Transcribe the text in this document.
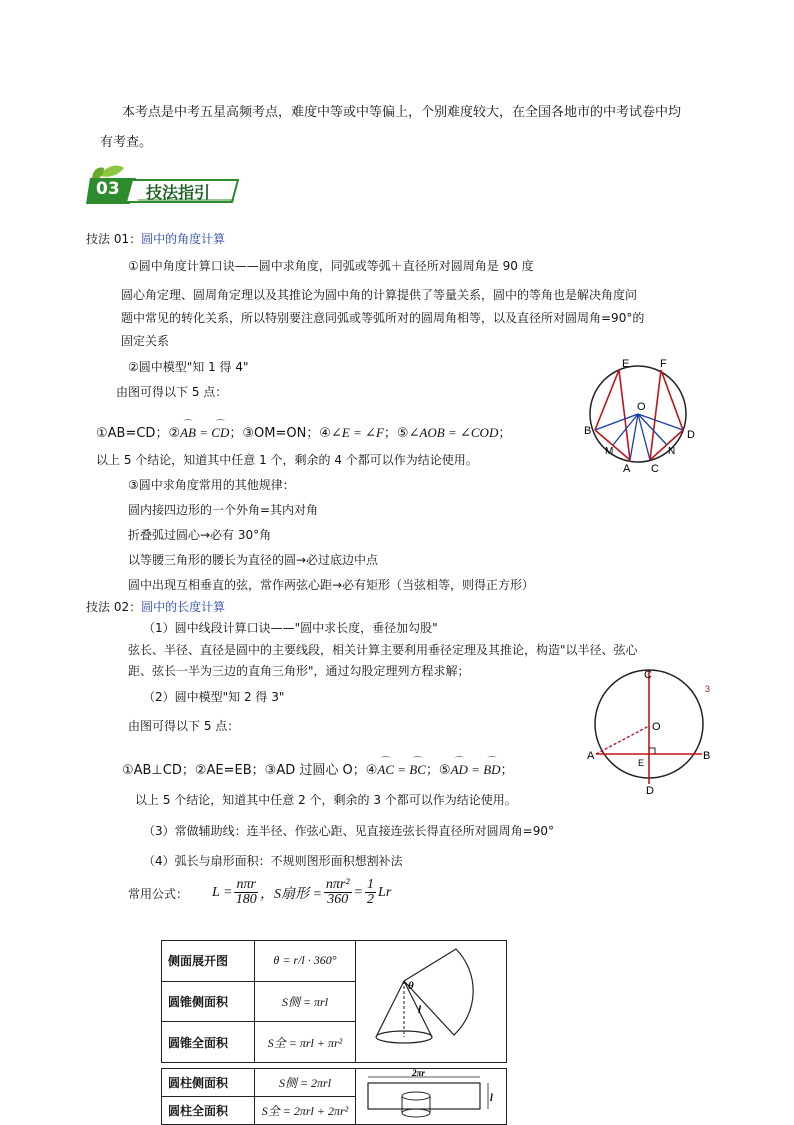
本考点是中考五星高频考点，难度中等或中等偏上，个别难度较大，在全国各地市的中考试卷中均
有考查。
03 技法指引
技法 01：圆中的角度计算
①圆中角度计算口诀——圆中求角度，同弧或等弧＋直径所对圆周角是 90 度
圆心角定理、圆周角定理以及其推论为圆中角的计算提供了等量关系，圆中的等角也是解决角度问
题中常见的转化关系，所以特别要注意同弧或等弧所对的圆周角相等，以及直径所对圆周角=90°的
固定关系
②圆中模型"知 1 得 4"
由图可得以下 5 点：
①AB=CD；②⌒ AB = ⌒ CD；③OM=ON；④∠E = ∠F；⑤∠AOB = ∠COD；
以上 5 个结论，知道其中任意 1 个，剩余的 4 个都可以作为结论使用。
③圆中求角度常用的其他规律：
圆内接四边形的一个外角=其内对角
折叠弧过圆心→必有 30°角
以等腰三角形的腰长为直径的圆→必过底边中点
圆中出现互相垂直的弦，常作两弦心距→必有矩形（当弦相等，则得正方形）
E	F
O
B	D
M
A C
N
技法 02：圆中的长度计算
（1）圆中线段计算口诀——"圆中求长度，垂径加勾股"
弦长、半径、直径是圆中的主要线段，相关计算主要利用垂径定理及其推论，构造"以半径、弦心
距、弦长一半为三边的直角三角形"，通过勾股定理列方程求解；
（2）圆中模型"知 2 得 3"
由图可得以下 5 点：
①AB⊥CD；②AE=EB；③AD 过圆心 O；④⌒ AC = ⌒ BC；⑤⌒ AD = ⌒ BD；
以上 5 个结论，知道其中任意 2 个，剩余的 3 个都可以作为结论使用。
（3）常做辅助线：连半径、作弦心距、见直接连弦长得直径所对圆周角=90°
（4）弧长与扇形面积：不规则图形面积想割补法
常用公式： $L = \frac{\text{nπr}}{180}$ ，S扇形 = $\frac{\text{nπr²}}{360} = \frac{1}{2}$ Lr
C
O
A
E
B
D
3
侧面展开图	θ = r/l · 360°	θ
l

圆锥侧面积	S侧 = πrl	
圆锥全面积	S全 = πrl + πr²	
圆柱侧面积	S侧 = 2πrl	2πr
l

圆柱全面积	S全 = 2πrl + 2πr²	
